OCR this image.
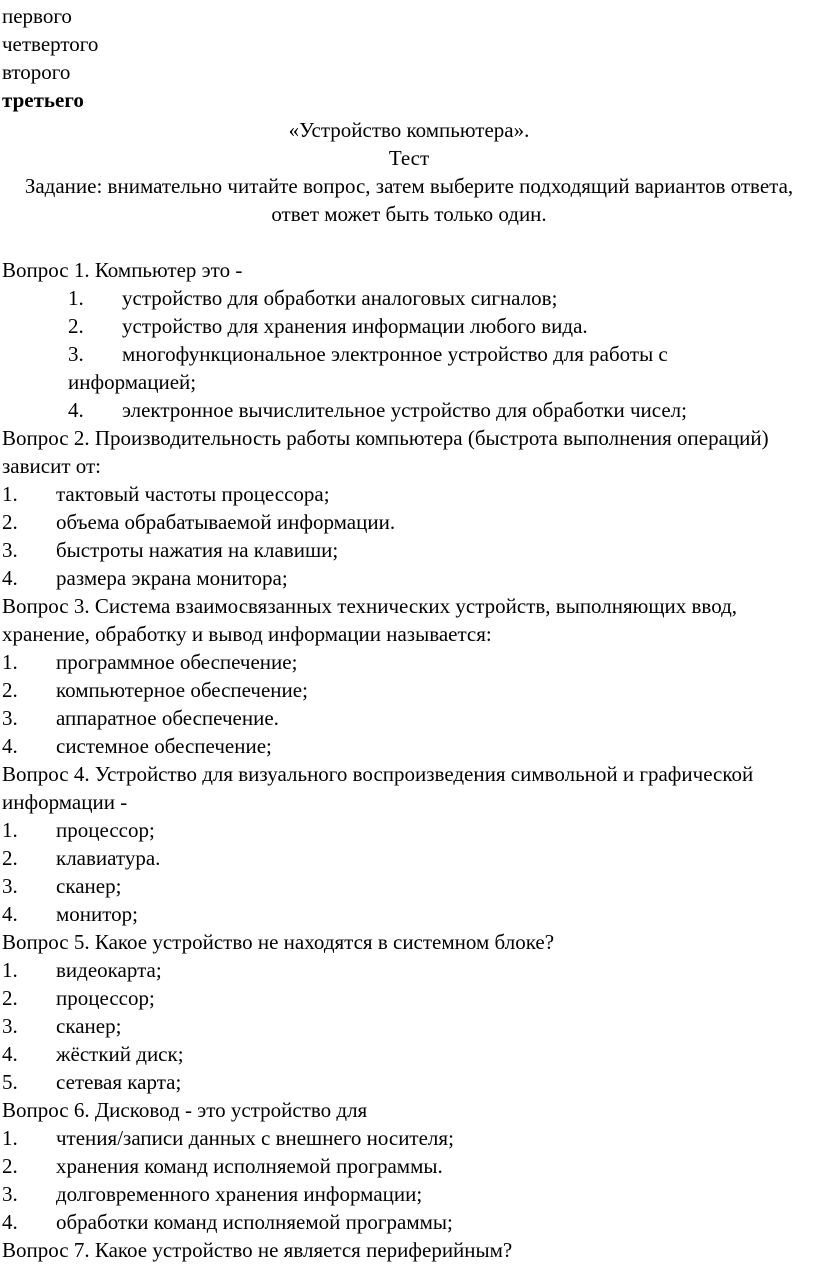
первого
четвертого
второго
третьего
«Устройство компьютера».
Тест
Задание: внимательно читайте вопрос, затем выберите подходящий вариантов ответа, ответ может быть только один.
Вопрос 1. Компьютер это -
1.	устройство для обработки аналоговых сигналов;
2.	устройство для хранения информации любого вида.
3.	многофункциональное электронное устройство для работы с
информацией;
4.	электронное вычислительное устройство для обработки чисел;
Вопрос 2. Производительность работы компьютера (быстрота выполнения операций) зависит от:
1.	тактовый частоты процессора;
2.	объема обрабатываемой информации.
3.	быстроты нажатия на клавиши;
4.	размера экрана монитора;
Вопрос 3. Система взаимосвязанных технических устройств, выполняющих ввод, хранение, обработку и вывод информации называется:
1.	программное обеспечение;
2.	компьютерное обеспечение;
3.	аппаратное обеспечение.
4.	системное обеспечение;
Вопрос 4. Устройство для визуального воспроизведения символьной и графической информации -
1.	процессор;
2.	клавиатура.
3.	сканер;
4.	монитор;
Вопрос 5. Какое устройство не находятся в системном блоке?
1.	видеокарта;
2.	процессор;
3.	сканер;
4.	жёсткий диск;
5.	сетевая карта;
Вопрос 6. Дисковод - это устройство для
1.	чтения/записи данных с внешнего носителя;
2.	хранения команд исполняемой программы.
3.	долговременного хранения информации;
4.	обработки команд исполняемой программы;
Вопрос 7. Какое устройство не является периферийным?
